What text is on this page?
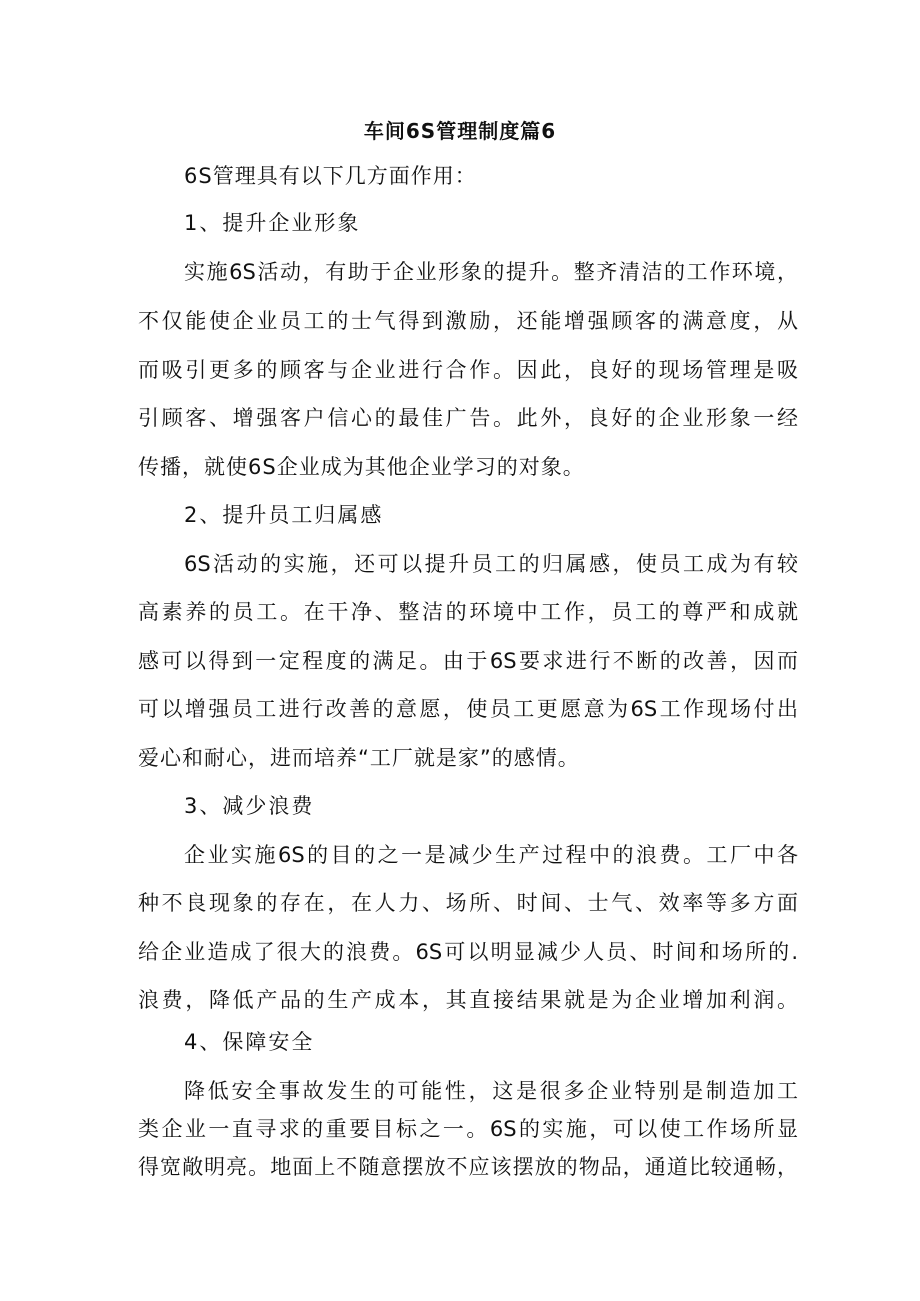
车间6S管理制度篇6
6S管理具有以下几方面作用：
1、提升企业形象
实施6S活动，有助于企业形象的提升。整齐清洁的工作环境，
不仅能使企业员工的士气得到激励，还能增强顾客的满意度，从
而吸引更多的顾客与企业进行合作。因此，良好的现场管理是吸
引顾客、增强客户信心的最佳广告。此外，良好的企业形象一经
传播，就使6S企业成为其他企业学习的对象。
2、提升员工归属感
6S活动的实施，还可以提升员工的归属感，使员工成为有较
高素养的员工。在干净、整洁的环境中工作，员工的尊严和成就
感可以得到一定程度的满足。由于6S要求进行不断的改善，因而
可以增强员工进行改善的意愿，使员工更愿意为6S工作现场付出
爱心和耐心，进而培养“工厂就是家”的感情。
3、减少浪费
企业实施6S的目的之一是减少生产过程中的浪费。工厂中各
种不良现象的存在，在人力、场所、时间、士气、效率等多方面
给企业造成了很大的浪费。6S可以明显减少人员、时间和场所的.
浪费，降低产品的生产成本，其直接结果就是为企业增加利润。
4、保障安全
降低安全事故发生的可能性，这是很多企业特别是制造加工
类企业一直寻求的重要目标之一。6S的实施，可以使工作场所显
得宽敞明亮。地面上不随意摆放不应该摆放的物品，通道比较通畅，
